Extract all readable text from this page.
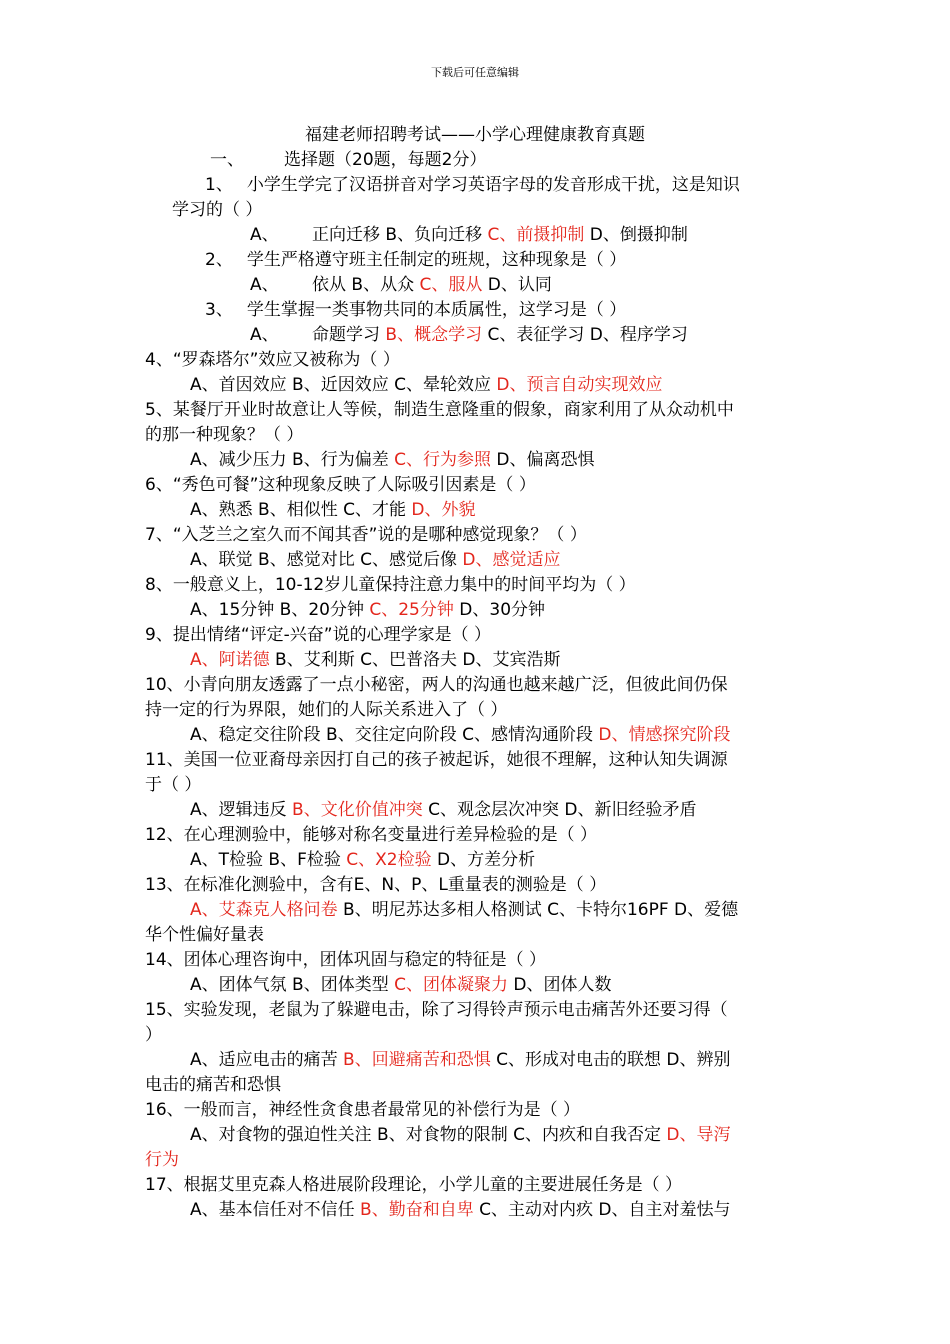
下载后可任意编辑
福建老师招聘考试——小学心理健康教育真题
一、 选择题（20题，每题2分）
1、 小学生学完了汉语拼音对学习英语字母的发音形成干扰，这是知识
学习的（ ）
A、 正向迁移 B、负向迁移 C、前摄抑制 D、倒摄抑制
2、 学生严格遵守班主任制定的班规，这种现象是（ ）
A、 依从 B、从众 C、服从 D、认同
3、 学生掌握一类事物共同的本质属性，这学习是（ ）
A、 命题学习 B、概念学习 C、表征学习 D、程序学习
4、“罗森塔尔”效应又被称为（ ）
A、首因效应 B、近因效应 C、晕轮效应 D、预言自动实现效应
5、某餐厅开业时故意让人等候，制造生意隆重的假象，商家利用了从众动机中
的那一种现象？（ ）
A、减少压力 B、行为偏差 C、行为参照 D、偏离恐惧
6、“秀色可餐”这种现象反映了人际吸引因素是（ ）
A、熟悉 B、相似性 C、才能 D、外貌
7、“入芝兰之室久而不闻其香”说的是哪种感觉现象？（ ）
A、联觉 B、感觉对比 C、感觉后像 D、感觉适应
8、一般意义上，10-12岁儿童保持注意力集中的时间平均为（ ）
A、15分钟 B、20分钟 C、25分钟 D、30分钟
9、提出情绪“评定-兴奋”说的心理学家是（ ）
A、阿诺德 B、艾利斯 C、巴普洛夫 D、艾宾浩斯
10、小青向朋友透露了一点小秘密，两人的沟通也越来越广泛，但彼此间仍保
持一定的行为界限，她们的人际关系进入了（ ）
A、稳定交往阶段 B、交往定向阶段 C、感情沟通阶段 D、情感探究阶段
11、美国一位亚裔母亲因打自己的孩子被起诉，她很不理解，这种认知失调源
于（ ）
A、逻辑违反 B、文化价值冲突 C、观念层次冲突 D、新旧经验矛盾
12、在心理测验中，能够对称名变量进行差异检验的是（ ）
A、T检验 B、F检验 C、X2检验 D、方差分析
13、在标准化测验中，含有E、N、P、L重量表的测验是（ ）
A、艾森克人格问卷 B、明尼苏达多相人格测试 C、卡特尔16PF D、爱德
华个性偏好量表
14、团体心理咨询中，团体巩固与稳定的特征是（ ）
A、团体气氛 B、团体类型 C、团体凝聚力 D、团体人数
15、实验发现，老鼠为了躲避电击，除了习得铃声预示电击痛苦外还要习得（
）
A、适应电击的痛苦 B、回避痛苦和恐惧 C、形成对电击的联想 D、辨别
电击的痛苦和恐惧
16、一般而言，神经性贪食患者最常见的补偿行为是（ ）
A、对食物的强迫性关注 B、对食物的限制 C、内疚和自我否定 D、导泻
行为
17、根据艾里克森人格进展阶段理论，小学儿童的主要进展任务是（ ）
A、基本信任对不信任 B、勤奋和自卑 C、主动对内疚 D、自主对羞怯与
